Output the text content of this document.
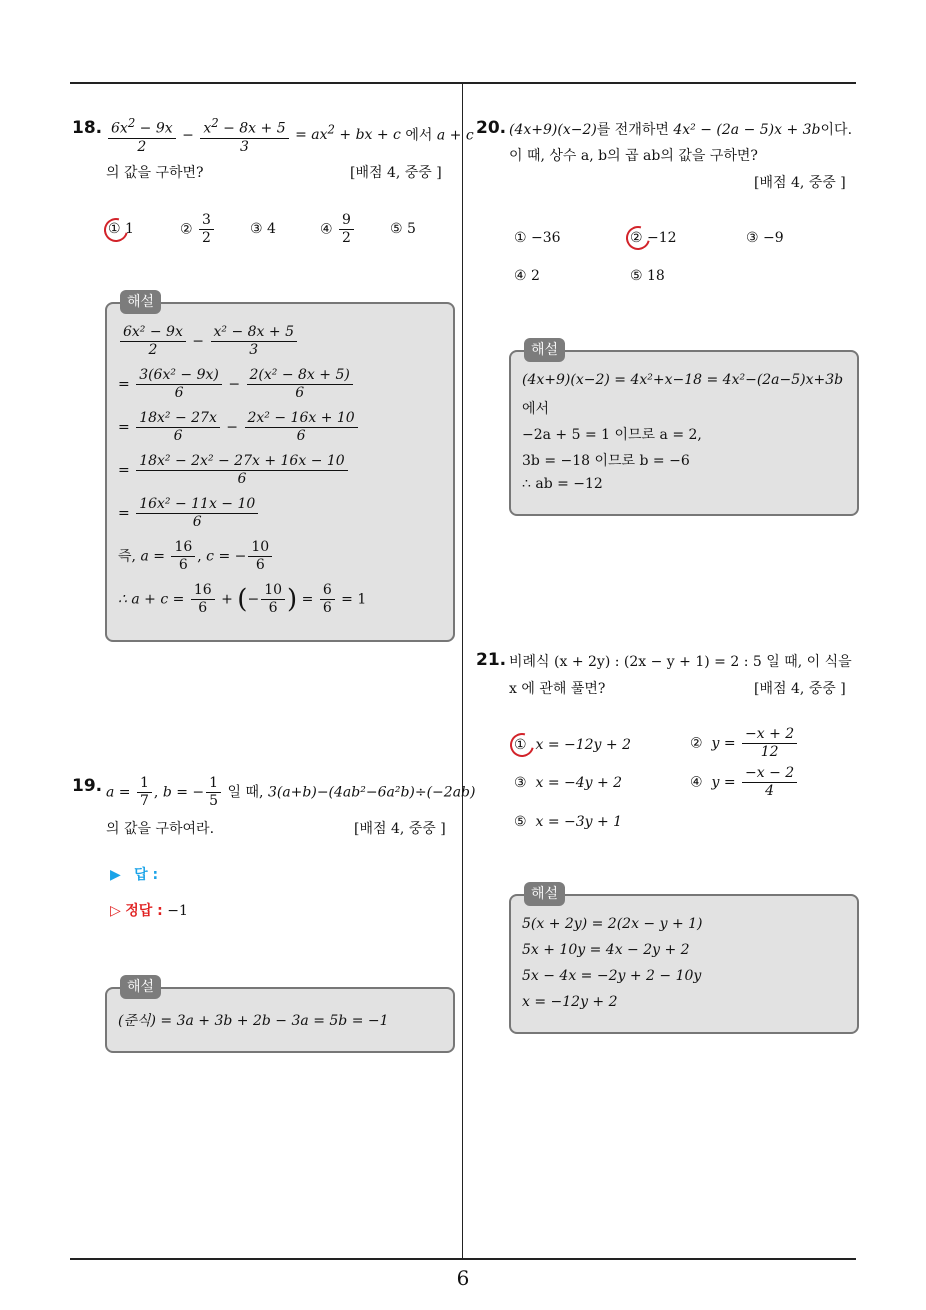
6
18. $\frac{6x^2 - 9x}{2} - \frac{x^2 - 8x + 5}{3} = ax^2$ + bx + c 에서 a + c
의 값을 구하면?	[배점 4, 중중 ]
① 1	② $\frac{3}{2}$	③ 4	④ $\frac{9}{2}$	⑤ 5
해설
$\frac{\text{6x² − 9x}}{2} - \frac{\text{x² − 8x + 5}}{3}$
= $\frac{\text{3(6x² − 9x)}}{6} - \frac{\text{2(x² − 8x + 5)}}{6}$
= $\frac{\text{18x² − 27x}}{6} - \frac{\text{2x² − 16x + 10}}{6}$
= $\frac{\text{18x² − 2x² − 27x + 16x − 10}}{6}$
= $\frac{\text{16x² − 11x − 10}}{6}$
즉, $a = \frac{16}{6}$ , c = − $\frac{10}{6}$
∴ $a + c = \frac{16}{6}$ + (− $\frac{10}{6}$ ) = $\frac{6}{6} = 1$
19. $a = \frac{1}{7}$ , b = − $\frac{1}{5}$ 일 때, 3(a+b)−(4ab²−6a²b)÷(−2ab)
의 값을 구하여라.	[배점 4, 중중 ]
▶ 답 :
▷ 정답 : −1
해설
(준식) = 3a + 3b + 2b − 3a = 5b = −1
20. (4x+9)(x−2)를 전개하면 4x² − (2a − 5)x + 3b이다.
이 때, 상수 a, b의 곱 ab의 값을 구하면?
[배점 4, 중중 ]
① −36	② −12	③ −9
④ 2	⑤ 18
해설
(4x+9)(x−2) = 4x²+x−18 = 4x²−(2a−5)x+3b
에서
−2a + 5 = 1 이므로 a = 2,
3b = −18 이므로 b = −6
∴ ab = −12
21. 비례식 (x + 2y) : (2x − y + 1) = 2 : 5 일 때, 이 식을
x 에 관해 풀면?	[배점 4, 중중 ]
① x = −12y + 2	② $y = \frac{-x + 2}{12}$
③ x = −4y + 2	④ $y = \frac{-x - 2}{4}$
⑤ x = −3y + 1
해설
5(x + 2y) = 2(2x − y + 1)
5x + 10y = 4x − 2y + 2
5x − 4x = −2y + 2 − 10y
x = −12y + 2
